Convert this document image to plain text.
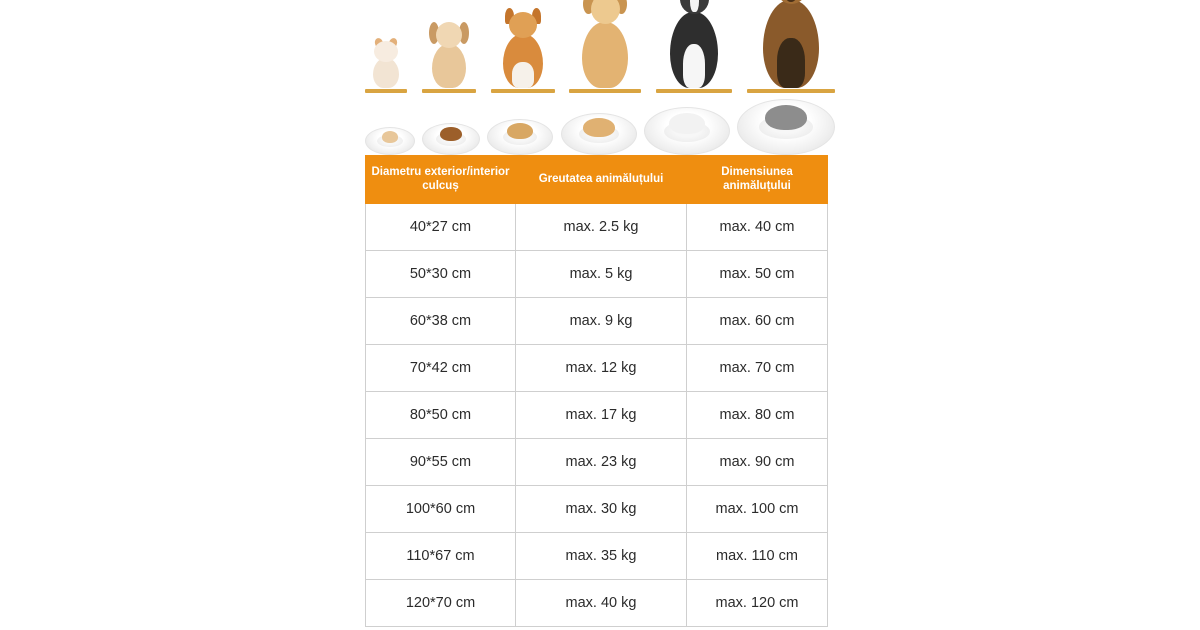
Diametru exterior/interior culcuș	Greutatea animăluțului	Dimensiunea animăluțului
40*27 cm	max. 2.5 kg	max. 40 cm
50*30 cm	max. 5 kg	max. 50 cm
60*38 cm	max. 9 kg	max. 60 cm
70*42 cm	max. 12 kg	max. 70 cm
80*50 cm	max. 17 kg	max. 80 cm
90*55 cm	max. 23 kg	max. 90 cm
100*60 cm	max. 30 kg	max. 100 cm
110*67 cm	max. 35 kg	max. 110 cm
120*70 cm	max. 40 kg	max. 120 cm
